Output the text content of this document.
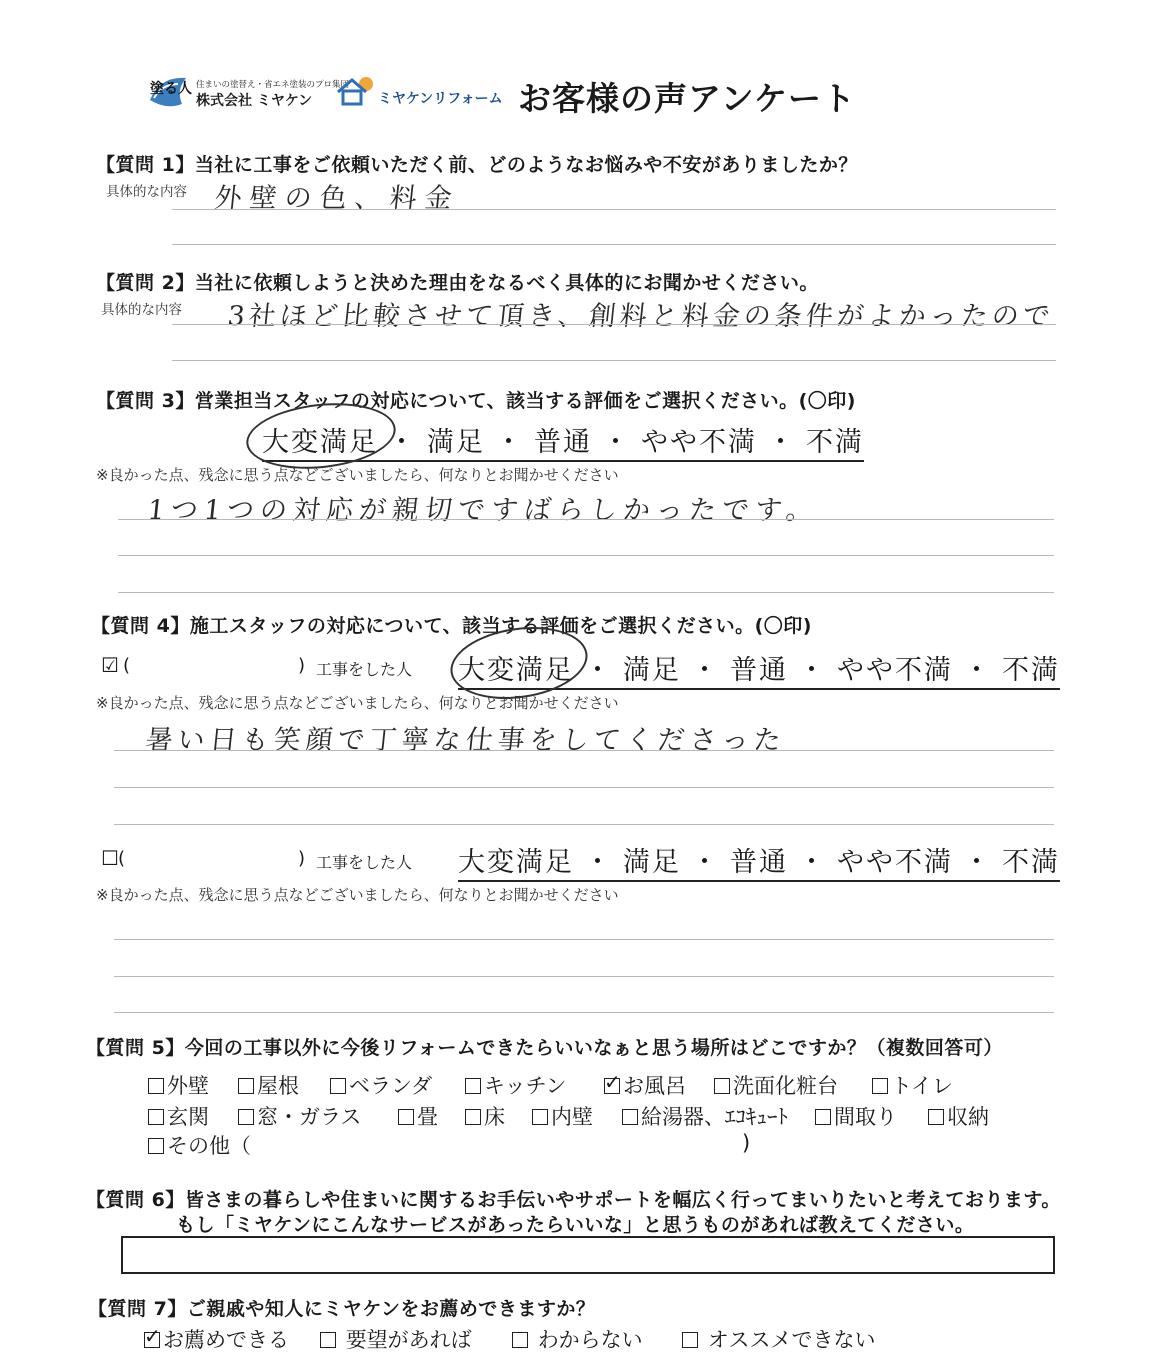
塗る人 住まいの塗替え・省エネ塗装のプロ集団
株式会社 ミヤケン	ミヤケンリフォーム お客様の声アンケート
【質問 1】当社に工事をご依頼いただく前、どのようなお悩みや不安がありましたか？
具体的な内容 外壁の色、料金
【質問 2】当社に依頼しようと決めた理由をなるべく具体的にお聞かせください。
具体的な内容 3社ほど比較させて頂き、創料と料金の条件がよかったので
【質問 3】営業担当スタッフの対応について、該当する評価をご選択ください。(〇印)
大変満足 ・ 満足 ・ 普通 ・ やや不満 ・ 不満
※良かった点、残念に思う点などございましたら、何なりとお聞かせください
1つ1つの対応が親切ですばらしかったです。
【質問 4】施工スタッフの対応について、該当する評価をご選択ください。(〇印)
☑ (	) 工事をした人 大変満足 ・ 満足 ・ 普通 ・ やや不満 ・ 不満
※良かった点、残念に思う点などございましたら、何なりとお聞かせください
暑い日も笑顔で丁寧な仕事をしてくださった
☐ (	) 工事をした人 大変満足 ・ 満足 ・ 普通 ・ やや不満 ・ 不満
※良かった点、残念に思う点などございましたら、何なりとお聞かせください
【質問 5】今回の工事以外に今後リフォームできたらいいなぁと思う場所はどこですか？（複数回答可）
外壁	屋根	ベランダ	キッチン
✓	お風呂	洗面化粧台	トイレ
玄関	窓・ガラス	畳	床	内壁	給湯器、ｴｺｷｭｰﾄ	間取り	収納
その他（	)
【質問 6】皆さまの暮らしや住まいに関するお手伝いやサポートを幅広く行ってまいりたいと考えております。
もし「ミヤケンにこんなサービスがあったらいいな」と思うものがあれば教えてください。
【質問 7】ご親戚や知人にミヤケンをお薦めできますか？
✓お薦めできる	要望があれば	わからない	オススメできない
